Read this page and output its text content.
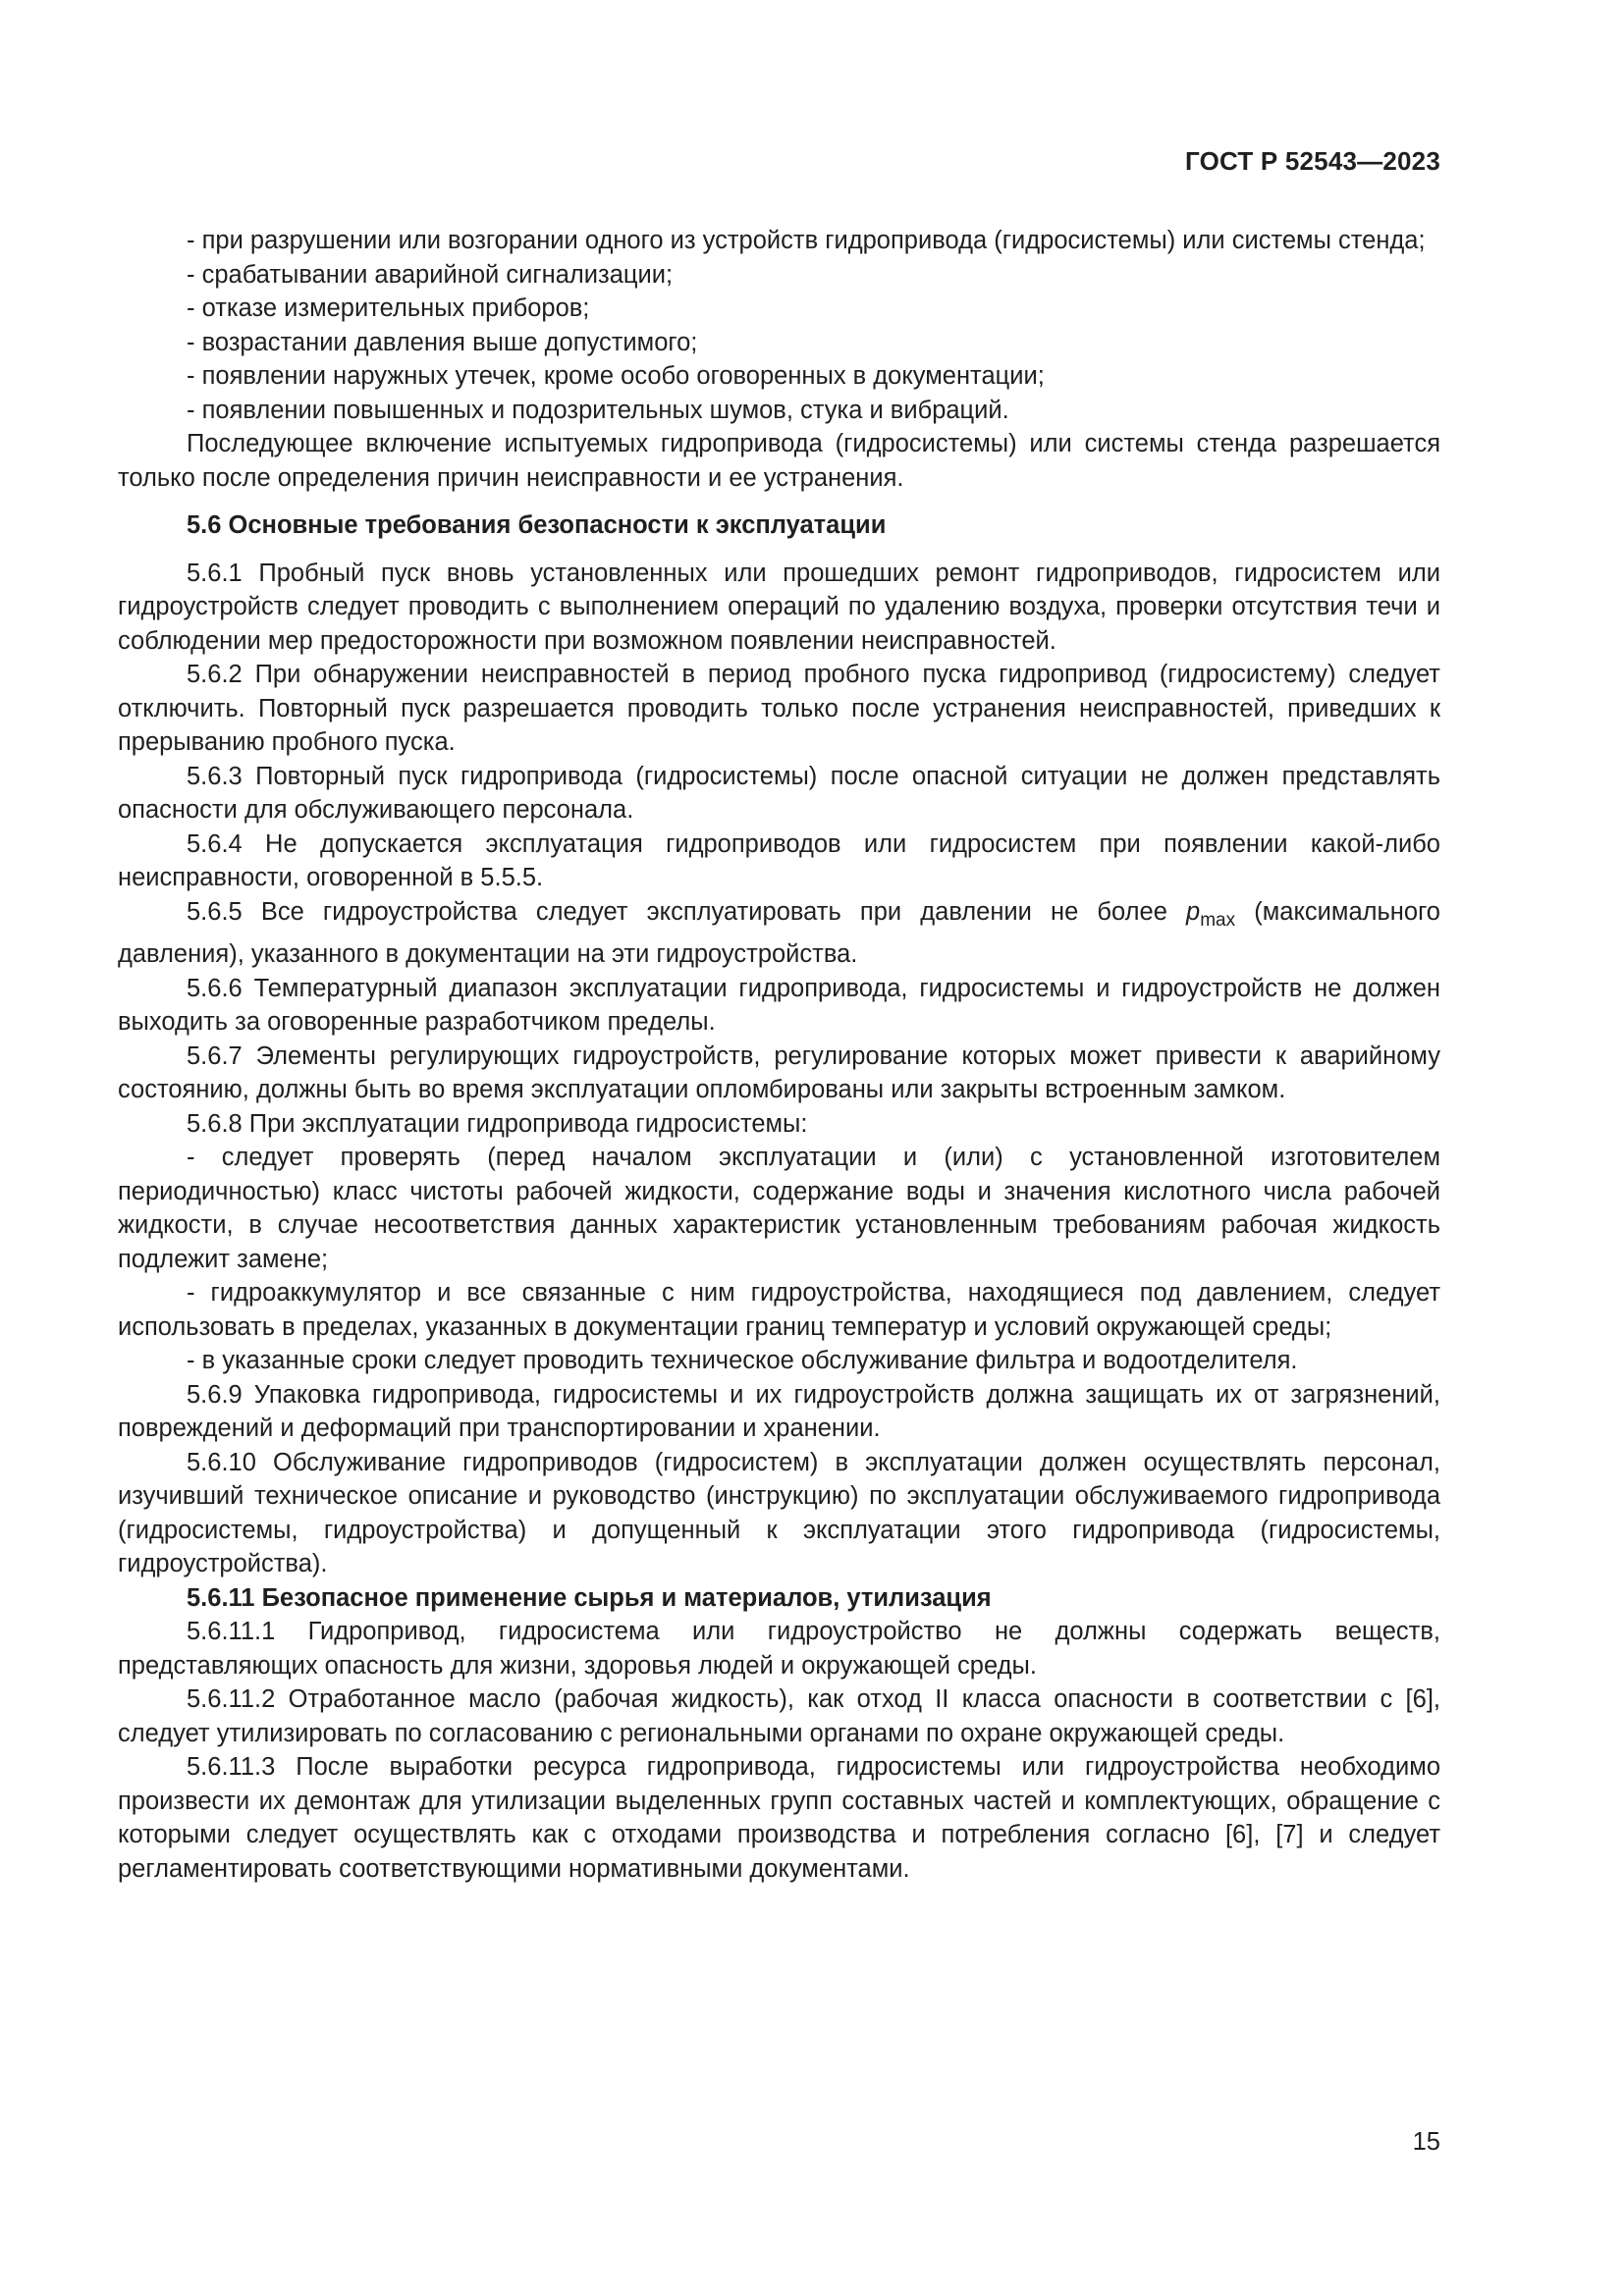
ГОСТ Р 52543—2023

- при разрушении или возгорании одного из устройств гидропривода (гидросистемы) или системы стенда;

- срабатывании аварийной сигнализации;

- отказе измерительных приборов;

- возрастании давления выше допустимого;

- появлении наружных утечек, кроме особо оговоренных в документации;

- появлении повышенных и подозрительных шумов, стука и вибраций.

Последующее включение испытуемых гидропривода (гидросистемы) или системы стенда разрешается только после определения причин неисправности и ее устранения.

5.6 Основные требования безопасности к эксплуатации

5.6.1 Пробный пуск вновь установленных или прошедших ремонт гидроприводов, гидросистем или гидроустройств следует проводить с выполнением операций по удалению воздуха, проверки отсутствия течи и соблюдении мер предосторожности при возможном появлении неисправностей.

5.6.2 При обнаружении неисправностей в период пробного пуска гидропривод (гидросистему) следует отключить. Повторный пуск разрешается проводить только после устранения неисправностей, приведших к прерыванию пробного пуска.

5.6.3 Повторный пуск гидропривода (гидросистемы) после опасной ситуации не должен представлять опасности для обслуживающего персонала.

5.6.4 Не допускается эксплуатация гидроприводов или гидросистем при появлении какой-либо неисправности, оговоренной в 5.5.5.

5.6.5 Все гидроустройства следует эксплуатировать при давлении не более $p_{max}$ (максимального давления), указанного в документации на эти гидроустройства.

5.6.6 Температурный диапазон эксплуатации гидропривода, гидросистемы и гидроустройств не должен выходить за оговоренные разработчиком пределы.

5.6.7 Элементы регулирующих гидроустройств, регулирование которых может привести к аварийному состоянию, должны быть во время эксплуатации опломбированы или закрыты встроенным замком.

5.6.8 При эксплуатации гидропривода гидросистемы:

- следует проверять (перед началом эксплуатации и (или) с установленной изготовителем периодичностью) класс чистоты рабочей жидкости, содержание воды и значения кислотного числа рабочей жидкости, в случае несоответствия данных характеристик установленным требованиям рабочая жидкость подлежит замене;

- гидроаккумулятор и все связанные с ним гидроустройства, находящиеся под давлением, следует использовать в пределах, указанных в документации границ температур и условий окружающей среды;

- в указанные сроки следует проводить техническое обслуживание фильтра и водоотделителя.

5.6.9 Упаковка гидропривода, гидросистемы и их гидроустройств должна защищать их от загрязнений, повреждений и деформаций при транспортировании и хранении.

5.6.10 Обслуживание гидроприводов (гидросистем) в эксплуатации должен осуществлять персонал, изучивший техническое описание и руководство (инструкцию) по эксплуатации обслуживаемого гидропривода (гидросистемы, гидроустройства) и допущенный к эксплуатации этого гидропривода (гидросистемы, гидроустройства).

5.6.11 Безопасное применение сырья и материалов, утилизация

5.6.11.1 Гидропривод, гидросистема или гидроустройство не должны содержать веществ, представляющих опасность для жизни, здоровья людей и окружающей среды.

5.6.11.2 Отработанное масло (рабочая жидкость), как отход II класса опасности в соответствии с [6], следует утилизировать по согласованию с региональными органами по охране окружающей среды.

5.6.11.3 После выработки ресурса гидропривода, гидросистемы или гидроустройства необходимо произвести их демонтаж для утилизации выделенных групп составных частей и комплектующих, обращение с которыми следует осуществлять как с отходами производства и потребления согласно [6], [7] и следует регламентировать соответствующими нормативными документами.

15
